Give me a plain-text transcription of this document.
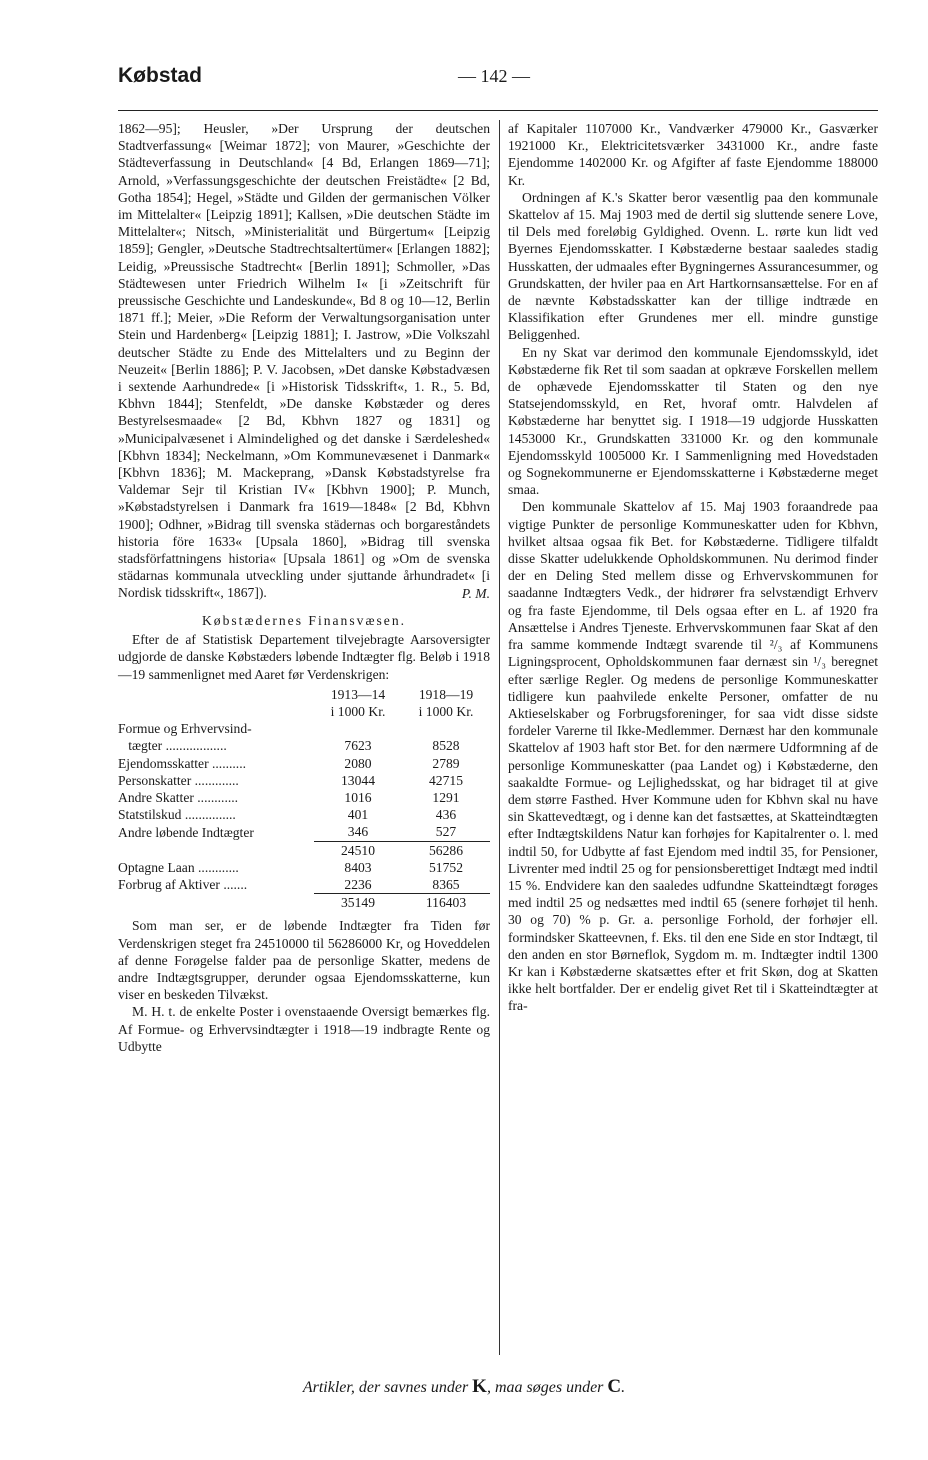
Købstad	— 142 —

1862—95]; Heusler, »Der Ursprung der deutschen Stadtverfassung« [Weimar 1872]; von Maurer, »Geschichte der Städteverfassung in Deutschland« [4 Bd, Erlangen 1869—71]; Arnold, »Verfassungsgeschichte der deutschen Freistädte« [2 Bd, Gotha 1854]; Hegel, »Städte und Gilden der germanischen Völker im Mittelalter« [Leipzig 1891]; Kallsen, »Die deutschen Städte im Mittelalter«; Nitsch, »Ministerialität und Bürgertum« [Leipzig 1859]; Gengler, »Deutsche Stadtrechtsaltertümer« [Erlangen 1882]; Leidig, »Preussische Stadtrecht« [Berlin 1891]; Schmoller, »Das Städtewesen unter Friedrich Wilhelm I« [i »Zeitschrift für preussische Geschichte und Landeskunde«, Bd 8 og 10—12, Berlin 1871 ff.]; Meier, »Die Reform der Verwaltungsorganisation unter Stein und Hardenberg« [Leipzig 1881]; I. Jastrow, »Die Volkszahl deutscher Städte zu Ende des Mittelalters und zu Beginn der Neuzeit« [Berlin 1886]; P. V. Jacobsen, »Det danske Købstadvæsen i sextende Aarhundrede« [i »Historisk Tidsskrift«, 1. R., 5. Bd, Kbhvn 1844]; Stenfeldt, »De danske Købstæder og deres Bestyrelsesmaade« [2 Bd, Kbhvn 1827 og 1831] og »Municipalvæsenet i Almindelighed og det danske i Særdeleshed« [Kbhvn 1834]; Neckelmann, »Om Kommunevæsenet i Danmark« [Kbhvn 1836]; M. Mackeprang, »Dansk Købstadstyrelse fra Valdemar Sejr til Kristian IV« [Kbhvn 1900]; P. Munch, »Købstadstyrelsen i Danmark fra 1619—1848« [2 Bd, Kbhvn 1900]; Odhner, »Bidrag till svenska städernas och borgareståndets historia före 1633« [Upsala 1860], »Bidrag till svenska stadsförfattningens historia« [Upsala 1861] og »Om de svenska städarnas kommunala utveckling under sjuttande århundradet« [i Nordisk tidsskrift«, 1867]).	P. M.
Købstædernes Finansvæsen.

Efter de af Statistisk Departement tilvejebragte Aarsoversigter udgjorde de danske Købstæders løbende Indtægter flg. Beløb i 1918—19 sammenlignet med Aaret før Verdenskrigen:

	1913—14	1918—19
	i 1000 Kr.	i 1000 Kr.
Formue og Erhvervsind-		
tægter ..................	7623	8528
Ejendomsskatter ..........	2080	2789
Personskatter .............	13044	42715
Andre Skatter ............	1016	1291
Statstilskud ...............	401	436
Andre løbende Indtægter	346	527
	24510	56286
Optagne Laan ............	8403	51752
Forbrug af Aktiver .......	2236	8365
	35149	116403

Som man ser, er de løbende Indtægter fra Tiden før Verdenskrigen steget fra 24510000 til 56286000 Kr, og Hoveddelen af denne Forøgelse falder paa de personlige Skatter, medens de andre Indtægtsgrupper, derunder ogsaa Ejendomsskatterne, kun viser en beskeden Tilvækst.

M. H. t. de enkelte Poster i ovenstaaende Oversigt bemærkes flg. Af Formue- og Erhvervsindtægter i 1918—19 indbragte Rente og Udbytte

af Kapitaler 1107000 Kr., Vandværker 479000 Kr., Gasværker 1921000 Kr., Elektricitetsværker 3431000 Kr., andre faste Ejendomme 1402000 Kr. og Afgifter af faste Ejendomme 188000 Kr.

Ordningen af K.'s Skatter beror væsentlig paa den kommunale Skattelov af 15. Maj 1903 med de dertil sig sluttende senere Love, til Dels med foreløbig Gyldighed. Ovenn. L. rørte kun lidt ved Byernes Ejendomsskatter. I Købstæderne bestaar saaledes stadig Husskatten, der udmaales efter Bygningernes Assurancesummer, og Grundskatten, der hviler paa en Art Hartkornsansættelse. For en af de nævnte Købstadsskatter kan der tillige indtræde en Klassifikation efter Grundenes mer ell. mindre gunstige Beliggenhed.

En ny Skat var derimod den kommunale Ejendomsskyld, idet Købstæderne fik Ret til som saadan at opkræve Forskellen mellem de ophævede Ejendomsskatter til Staten og den nye Statsejendomsskyld, en Ret, hvoraf omtr. Halvdelen af Købstæderne har benyttet sig. I 1918—19 udgjorde Husskatten 1453000 Kr., Grundskatten 331000 Kr. og den kommunale Ejendomsskyld 1005000 Kr. I Sammenligning med Hovedstaden og Sognekommunerne er Ejendomsskatterne i Købstæderne meget smaa.

Den kommunale Skattelov af 15. Maj 1903 foraandrede paa vigtige Punkter de personlige Kommuneskatter uden for Kbhvn, hvilket altsaa ogsaa fik Bet. for Købstæderne. Tidligere tilfaldt disse Skatter udelukkende Opholdskommunen. Nu derimod finder der en Deling Sted mellem disse og Erhvervskommunen for saadanne Indtægters Vedk., der hidrører fra selvstændigt Erhverv og fra faste Ejendomme, til Dels ogsaa efter en L. af 1920 fra Ansættelse i Andres Tjeneste. Erhvervskommunen faar Skat af den fra samme kommende Indtægt svarende til ²/₃ af Kommunens Ligningsprocent, Opholdskommunen faar dernæst sin ¹/₃ beregnet efter særlige Regler. Og medens de personlige Kommuneskatter tidligere kun paahvilede enkelte Personer, omfatter de nu Aktieselskaber og Forbrugsforeninger, for saa vidt disse sidste fordeler Varerne til Ikke-Medlemmer. Dernæst har den kommunale Skattelov af 1903 haft stor Bet. for den nærmere Udformning af de personlige Kommuneskatter (paa Landet og) i Købstæderne, den saakaldte Formue- og Lejlighedsskat, og har bidraget til at give dem større Fasthed. Hver Kommune uden for Kbhvn skal nu have sin Skattevedtægt, og i denne kan det fastsættes, at Skatteindtægten efter Indtægtskildens Natur kan forhøjes for Kapitalrenter o. l. med indtil 50, for Udbytte af fast Ejendom med indtil 35, for Pensioner, Livrenter med indtil 25 og for pensionsberettiget Indtægt med indtil 15 %. Endvidere kan den saaledes udfundne Skatteindtægt forøges med indtil 25 og nedsættes med indtil 65 (senere forhøjet til henh. 30 og 70) % p. Gr. a. personlige Forhold, der forhøjer ell. formindsker Skatteevnen, f. Eks. til den ene Side en stor Indtægt, til den anden en stor Børneflok, Sygdom m. m. Indtægter indtil 1300 Kr kan i Købstæderne skatsættes efter et frit Skøn, dog at Skatten ikke helt bortfalder. Der er endelig givet Ret til i Skatteindtægter at fra-

Artikler, der savnes under K, maa søges under C.
